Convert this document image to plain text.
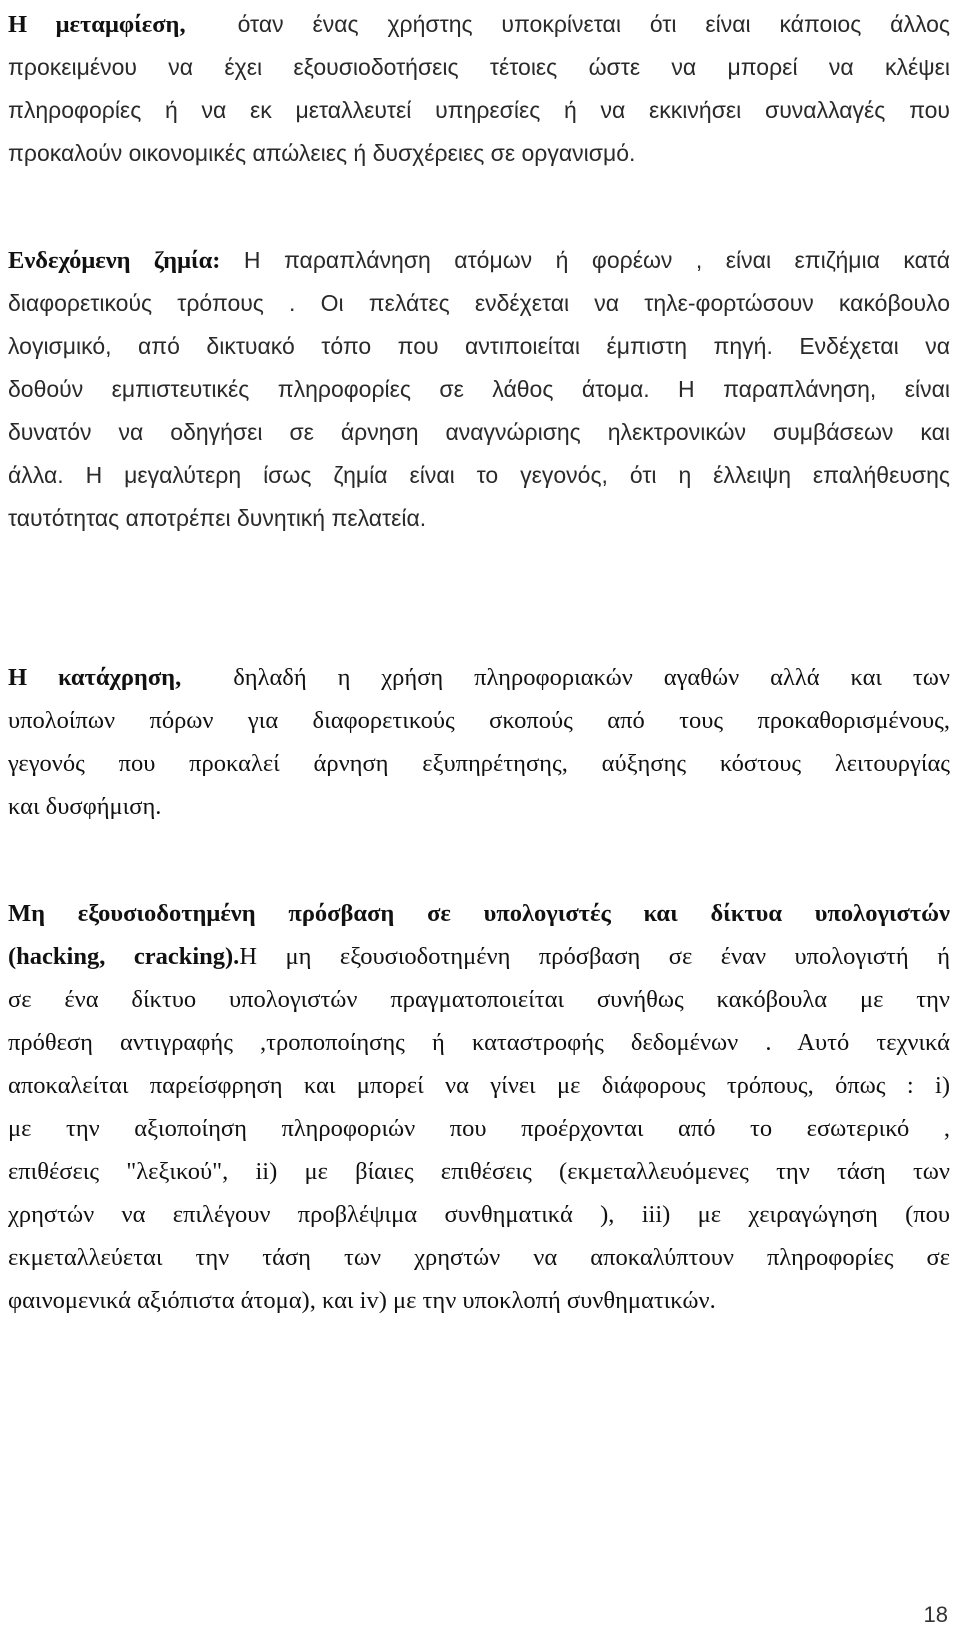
Η μεταμφίεση, όταν ένας χρήστης υποκρίνεται ότι είναι κάποιος άλλος
προκειμένου να έχει εξουσιοδοτήσεις τέτοιες ώστε να μπορεί να κλέψει
πληροφορίες ή να εκ μεταλλευτεί υπηρεσίες ή να εκκινήσει συναλλαγές που
προκαλούν οικονομικές απώλειες ή δυσχέρειες σε οργανισμό.
Ενδεχόμενη ζημία: Η παραπλάνηση ατόμων ή φορέων , είναι επιζήμια κατά
διαφορετικούς τρόπους . Οι πελάτες ενδέχεται να τηλε-φορτώσουν κακόβουλο
λογισμικό, από δικτυακό τόπο που αντιποιείται έμπιστη πηγή. Ενδέχεται να
δοθούν εμπιστευτικές πληροφορίες σε λάθος άτομα. Η παραπλάνηση, είναι
δυνατόν να οδηγήσει σε άρνηση αναγνώρισης ηλεκτρονικών συμβάσεων και
άλλα. Η μεγαλύτερη ίσως ζημία είναι το γεγονός, ότι η έλλειψη επαλήθευσης
ταυτότητας αποτρέπει δυνητική πελατεία.
Η κατάχρηση, δηλαδή η χρήση πληροφοριακών αγαθών αλλά και των
υπολοίπων πόρων για διαφορετικούς σκοπούς από τους προκαθορισμένους,
γεγονός που προκαλεί άρνηση εξυπηρέτησης, αύξησης κόστους λειτουργίας
και δυσφήμιση.
Μη εξουσιοδοτημένη πρόσβαση σε υπολογιστές και δίκτυα υπολογιστών
(hacking, cracking).Η μη εξουσιοδοτημένη πρόσβαση σε έναν υπολογιστή ή
σε ένα δίκτυο υπολογιστών πραγματοποιείται συνήθως κακόβουλα με την
πρόθεση αντιγραφής ,τροποποίησης ή καταστροφής δεδομένων . Αυτό τεχνικά
αποκαλείται παρείσφρηση και μπορεί να γίνει με διάφορους τρόπους, όπως : i)
με την αξιοποίηση πληροφοριών που προέρχονται από το εσωτερικό ,
επιθέσεις "λεξικού", ii) με βίαιες επιθέσεις (εκμεταλλευόμενες την τάση των
χρηστών να επιλέγουν προβλέψιμα συνθηματικά ), iii) με χειραγώγηση (που
εκμεταλλεύεται την τάση των χρηστών να αποκαλύπτουν πληροφορίες σε
φαινομενικά αξιόπιστα άτομα), και iv) με την υποκλοπή συνθηματικών.
18
